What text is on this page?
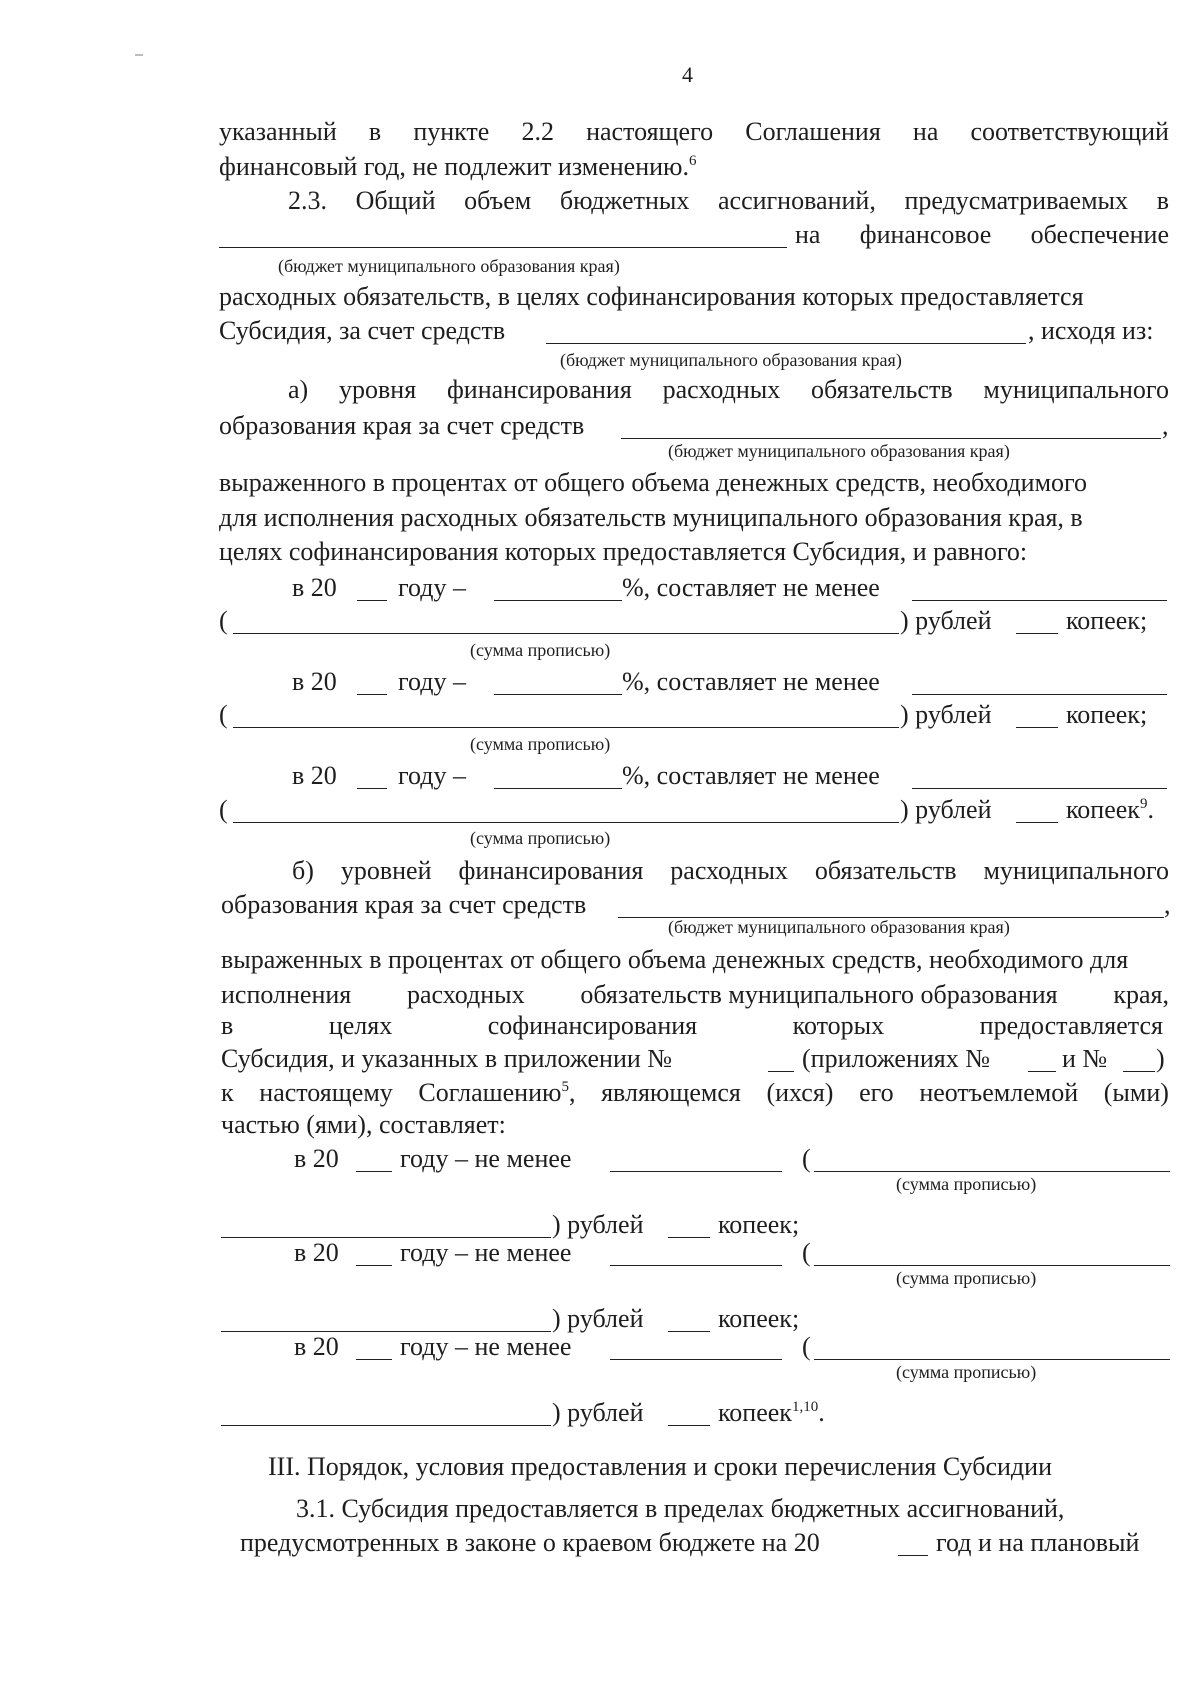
4
указанный в пункте 2.2 настоящего Соглашения на соответствующий
финансовый год, не подлежит изменению.$^6$
2.3. Общий объем бюджетных ассигнований, предусматриваемых в
на финансовое обеспечение
(бюджет муниципального образования края)
расходных обязательств, в целях софинансирования которых предоставляется
Субсидия, за счет средств	, исходя из:
(бюджет муниципального образования края)
а) уровня финансирования расходных обязательств муниципального
образования края за счет средств	,
(бюджет муниципального образования края)
выраженного в процентах от общего объема денежных средств, необходимого
для исполнения расходных обязательств муниципального образования края, в
целях софинансирования которых предоставляется Субсидия, и равного:
в 20 году –	%, составляет не менее
(	) рублей	копеек;
(сумма прописью)
в 20 году –	%, составляет не менее
(	) рублей	копеек;
(сумма прописью)
в 20 году –	%, составляет не менее
(	) рублей	копеек$^9$.
(сумма прописью)
б) уровней финансирования расходных обязательств муниципального
образования края за счет средств	,
(бюджет муниципального образования края)
выраженных в процентах от общего объема денежных средств, необходимого для
исполнения расходных обязательств муниципального образования края,
в	целях	софинансирования	которых	предоставляется
Субсидия, и указанных в приложении №	(приложениях №	и № )
к настоящему Соглашению$^5$, являющемся (ихся) его неотъемлемой (ыми)
частью (ями), составляет:
в 20 году – не менее	(
(сумма прописью)
) рублей	копеек;
в 20 году – не менее	(
(сумма прописью)
) рублей	копеек;
в 20 году – не менее	(
(сумма прописью)
) рублей	копеек$^{1,10}$.
III. Порядок, условия предоставления и сроки перечисления Субсидии
3.1. Субсидия предоставляется в пределах бюджетных ассигнований,
предусмотренных в законе о краевом бюджете на 20	год и на плановый
